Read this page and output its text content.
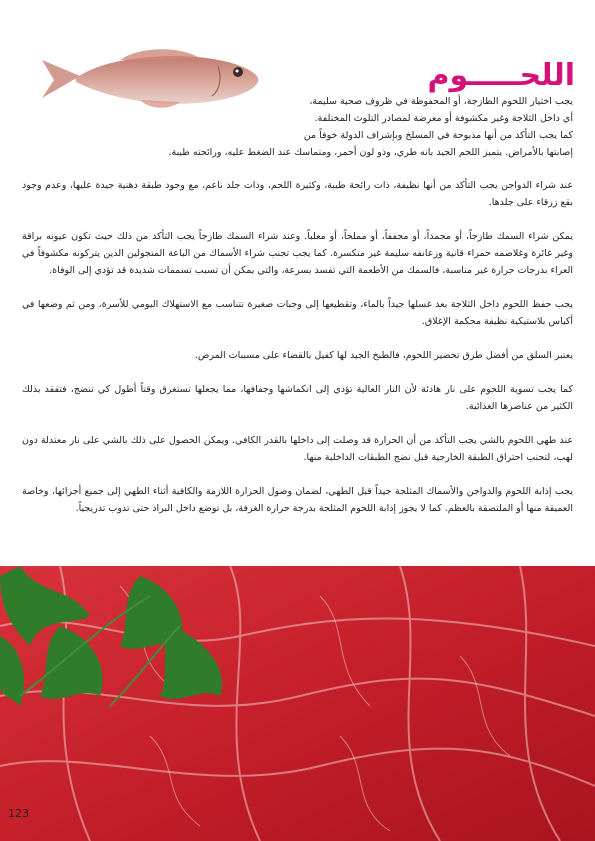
اللحـــــوم
يجب اختيار اللحوم الطازجة، أو المحفوظة في ظروف صحية سليمة،
أي داخل الثلاجة وغير مكشوفة أو معرضة لمصادر التلوث المختلفة.
كما يجب التأكد من أنها مذبوحة في المسلخ وبإشراف الدولة خوفاً من
إصابتها بالأمراض. يتميز اللحم الجيد بانه طري، وذو لون أحمر، ومتماسك عند الضغط عليه، ورائحته طيبة.

عند شراء الدواجن يجب التأكد من أنها نظيفة، ذات رائحة طيبة، وكثيرة اللحم، وذات جلد ناعم، مع وجود طبقة دهنية جيدة عليها، وعدم وجود بقع زرقاء على جلدها.

يمكن شراء السمك طازجاً، أو مجمداً، أو مجففاً، أو مملحاً، أو معلباً. وعند شراء السمك طازجاً يجب التأكد من ذلك حيث تكون عيونه براقة وغير غائرة وغلاصمه حمراء قانية وزعانفه سليمة غير متكسرة. كما يجب تجنب شراء الأسماك من الباعة المتجولين الذين يتركونه مكشوفاً في العراء بدرجات حرارة غير مناسبة، فالسمك من الأطعمة التي تفسد بسرعة، والتي يمكن أن تسبب تسممات شديدة قد تؤدي إلى الوفاة.

يجب حفظ اللحوم داخل الثلاجة بعد غسلها جيداً بالماء، وتقطيعها إلى وجبات صغيرة تتناسب مع الاستهلاك اليومي للأسرة، ومن ثم وضعها في أكياس بلاستيكية نظيفة محكمة الإغلاق.

يعتبر السلق من أفضل طرق تحضير اللحوم، فالطبخ الجيد لها كفيل بالقضاء على مسببات المرض.

كما يجب تسوية اللحوم على نار هادئة لأن النار العالية تؤدي إلى انكماشها وجفافها، مما يجعلها تستغرق وقتاً أطول كي تنضج، فتفقد بذلك الكثير من عناصرها الغذائية.

عند طهي اللحوم بالشي يجب التأكد من أن الحرارة قد وصلت إلى داخلها بالقدر الكافي. ويمكن الحصول على ذلك بالشي على نار معتدلة دون لهب، لتجنب احتراق الطبقة الخارجية قبل نضج الطبقات الداخلية منها.

يجب إذابة اللحوم والدواجن والأسماك المثلجة جيداً قبل الطهي، لضمان وصول الحرارة اللازمة والكافية أثناء الطهي إلى جميع أجزائها، وخاصة العميقة منها أو الملتصقة بالعظم. كما لا يجوز إذابة اللحوم المثلجة بدرجة حرارة الغرفة، بل توضع داخل البراد حتى تذوب تدريجياً.

123
